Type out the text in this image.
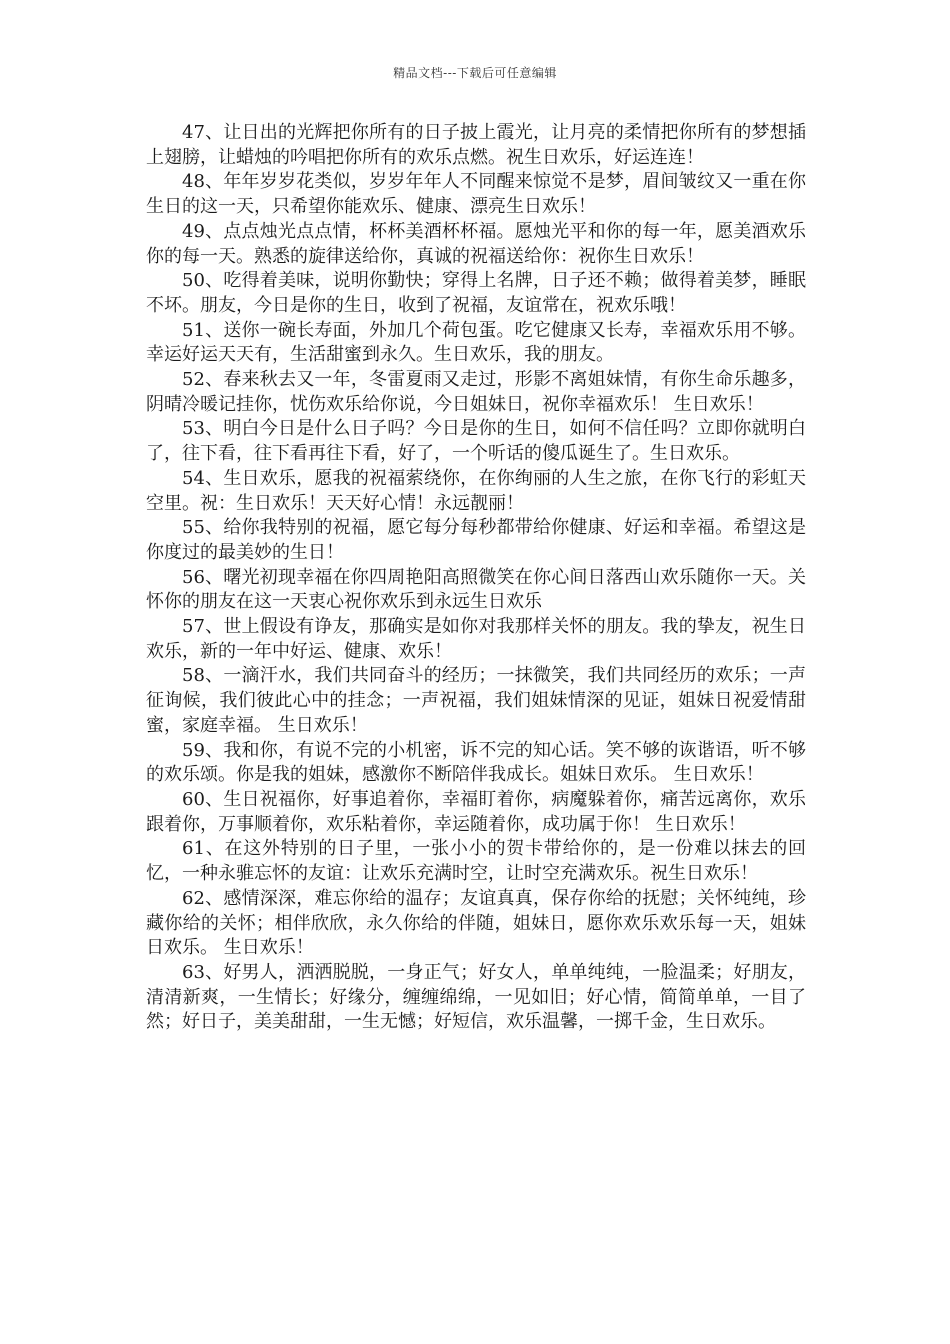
精品文档---下载后可任意编辑

47、让日出的光辉把你所有的日子披上霞光，让月亮的柔情把你所有的梦想插上翅膀，让蜡烛的吟唱把你所有的欢乐点燃。祝生日欢乐，好运连连！

48、年年岁岁花类似，岁岁年年人不同醒来惊觉不是梦，眉间皱纹又一重在你生日的这一天，只希望你能欢乐、健康、漂亮生日欢乐！

49、点点烛光点点情，杯杯美酒杯杯福。愿烛光平和你的每一年，愿美酒欢乐你的每一天。熟悉的旋律送给你，真诚的祝福送给你：祝你生日欢乐！

50、吃得着美味，说明你勤快；穿得上名牌，日子还不赖；做得着美梦，睡眠不坏。朋友，今日是你的生日，收到了祝福，友谊常在，祝欢乐哦！

51、送你一碗长寿面，外加几个荷包蛋。吃它健康又长寿，幸福欢乐用不够。幸运好运天天有，生活甜蜜到永久。生日欢乐，我的朋友。

52、春来秋去又一年，冬雷夏雨又走过，形影不离姐妹情，有你生命乐趣多，阴晴冷暖记挂你，忧伤欢乐给你说，今日姐妹日，祝你幸福欢乐！ 生日欢乐！

53、明白今日是什么日子吗？今日是你的生日，如何不信任吗？立即你就明白了，往下看，往下看再往下看，好了，一个听话的傻瓜诞生了。生日欢乐。

54、生日欢乐，愿我的祝福萦绕你，在你绚丽的人生之旅，在你飞行的彩虹天空里。祝：生日欢乐！天天好心情！永远靓丽！

55、给你我特别的祝福，愿它每分每秒都带给你健康、好运和幸福。希望这是你度过的最美妙的生日！

56、曙光初现幸福在你四周艳阳高照微笑在你心间日落西山欢乐随你一天。关怀你的朋友在这一天衷心祝你欢乐到永远生日欢乐

57、世上假设有诤友，那确实是如你对我那样关怀的朋友。我的挚友，祝生日欢乐，新的一年中好运、健康、欢乐！

58、一滴汗水，我们共同奋斗的经历；一抹微笑，我们共同经历的欢乐；一声征询候，我们彼此心中的挂念；一声祝福，我们姐妹情深的见证，姐妹日祝爱情甜蜜，家庭幸福。 生日欢乐！

59、我和你，有说不完的小机密，诉不完的知心话。笑不够的诙谐语，听不够的欢乐颂。你是我的姐妹，感激你不断陪伴我成长。姐妹日欢乐。 生日欢乐！

60、生日祝福你，好事追着你，幸福盯着你，病魔躲着你，痛苦远离你，欢乐跟着你，万事顺着你，欢乐粘着你，幸运随着你，成功属于你！ 生日欢乐！

61、在这外特别的日子里，一张小小的贺卡带给你的，是一份难以抹去的回忆，一种永骓忘怀的友谊：让欢乐充满时空，让时空充满欢乐。祝生日欢乐！

62、感情深深，难忘你给的温存；友谊真真，保存你给的抚慰；关怀纯纯，珍藏你给的关怀；相伴欣欣，永久你给的伴随，姐妹日，愿你欢乐欢乐每一天，姐妹日欢乐。 生日欢乐！

63、好男人，洒洒脱脱，一身正气；好女人，单单纯纯，一脸温柔；好朋友，清清新爽，一生情长；好缘分，缠缠绵绵，一见如旧；好心情，简简单单，一目了然；好日子，美美甜甜，一生无憾；好短信，欢乐温馨，一掷千金，生日欢乐。
